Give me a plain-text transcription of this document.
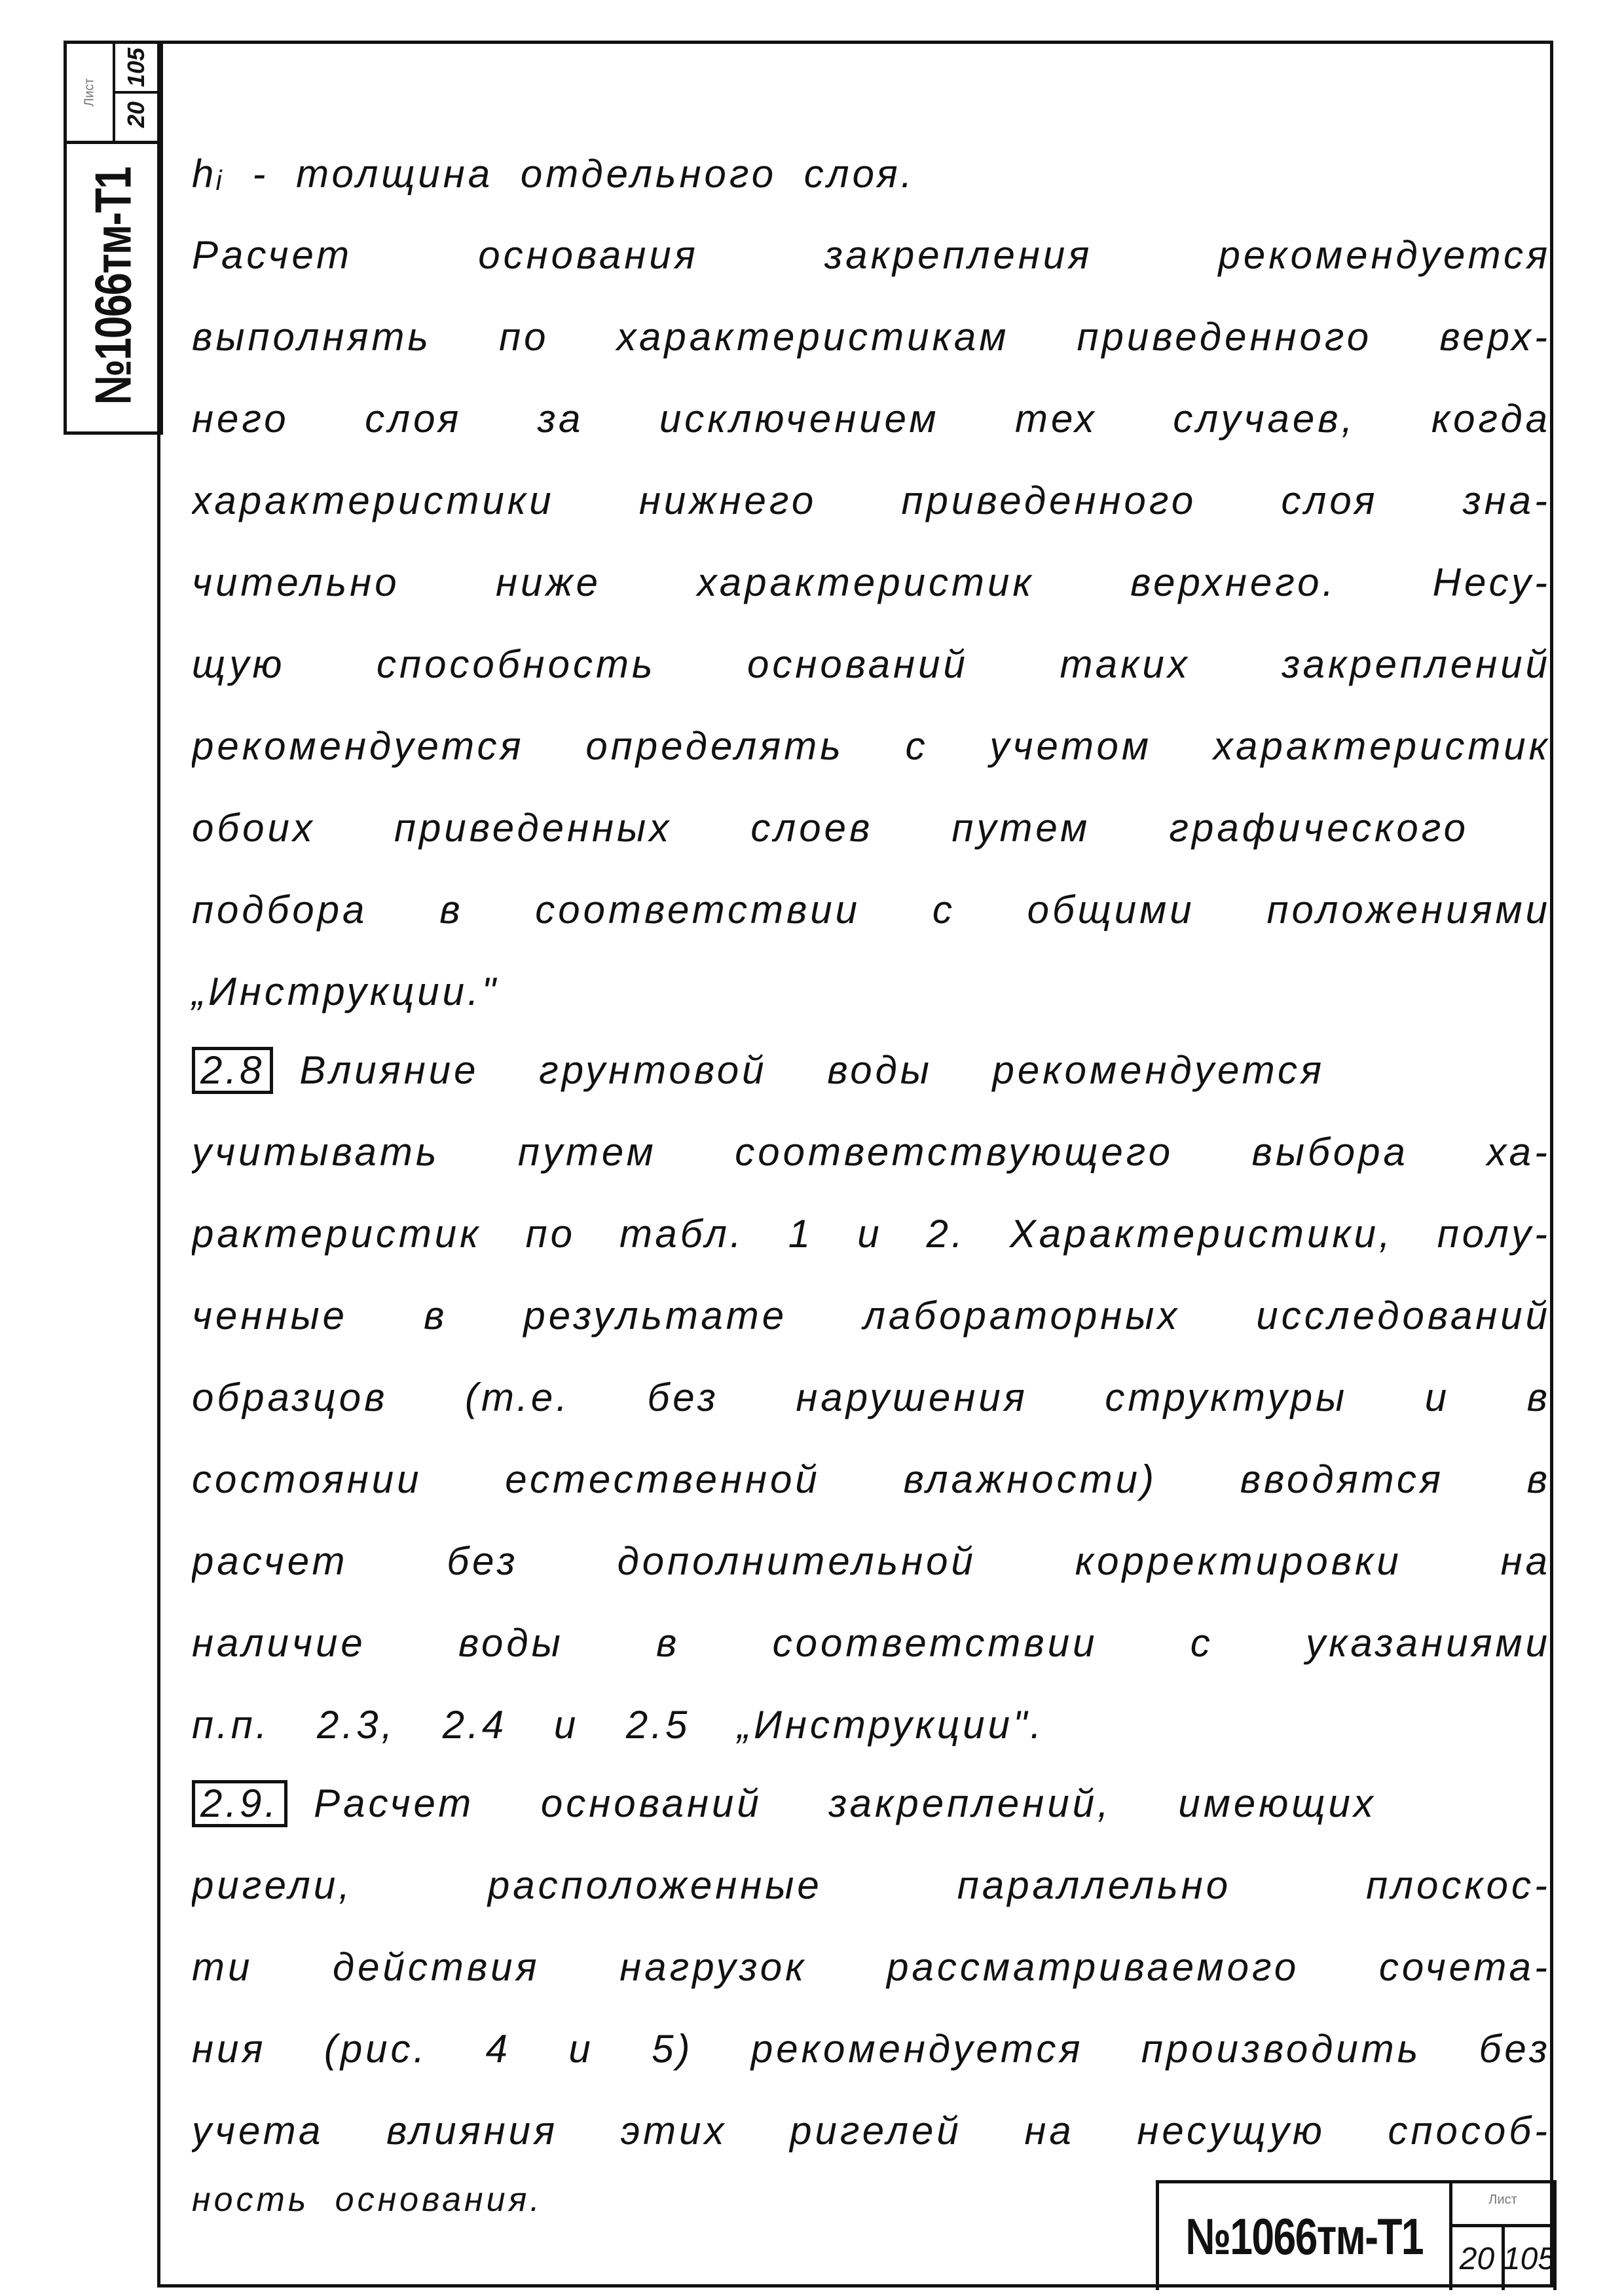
Лист
105
20
№1066тм-Т1 hᵢ - толщина отдельного слоя.
Расчет основания закрепления рекомендуется
выполнять по характеристикам приведенного верх-
него слоя за исключением тех случаев, когда
характеристики нижнего приведенного слоя зна-
чительно ниже характеристик верхнего. Несу-
щую способность оснований таких закреплений
рекомендуется определять с учетом характеристик
обоих приведенных слоев путем графического
подбора в соответствии с общими положениями
„Инструкции."
2.8 Влияние грунтовой воды рекомендуется
учитывать путем соответствующего выбора ха-
рактеристик по табл. 1 и 2. Характеристики, полу-
ченные в результате лабораторных исследований
образцов (т.е. без нарушения структуры и в
состоянии естественной влажности) вводятся в
расчет без дополнительной корректировки на
наличие воды в соответствии с указаниями
п.п. 2.3, 2.4 и 2.5 „Инструкции".
2.9. Расчет оснований закреплений, имеющих
ригели, расположенные параллельно плоскос-
ти действия нагрузок рассматриваемого сочета-
ния (рис. 4 и 5) рекомендуется производить без
учета влияния этих ригелей на несущую способ-
ность основания.
№1066тм-Т1
Лист
20 105
